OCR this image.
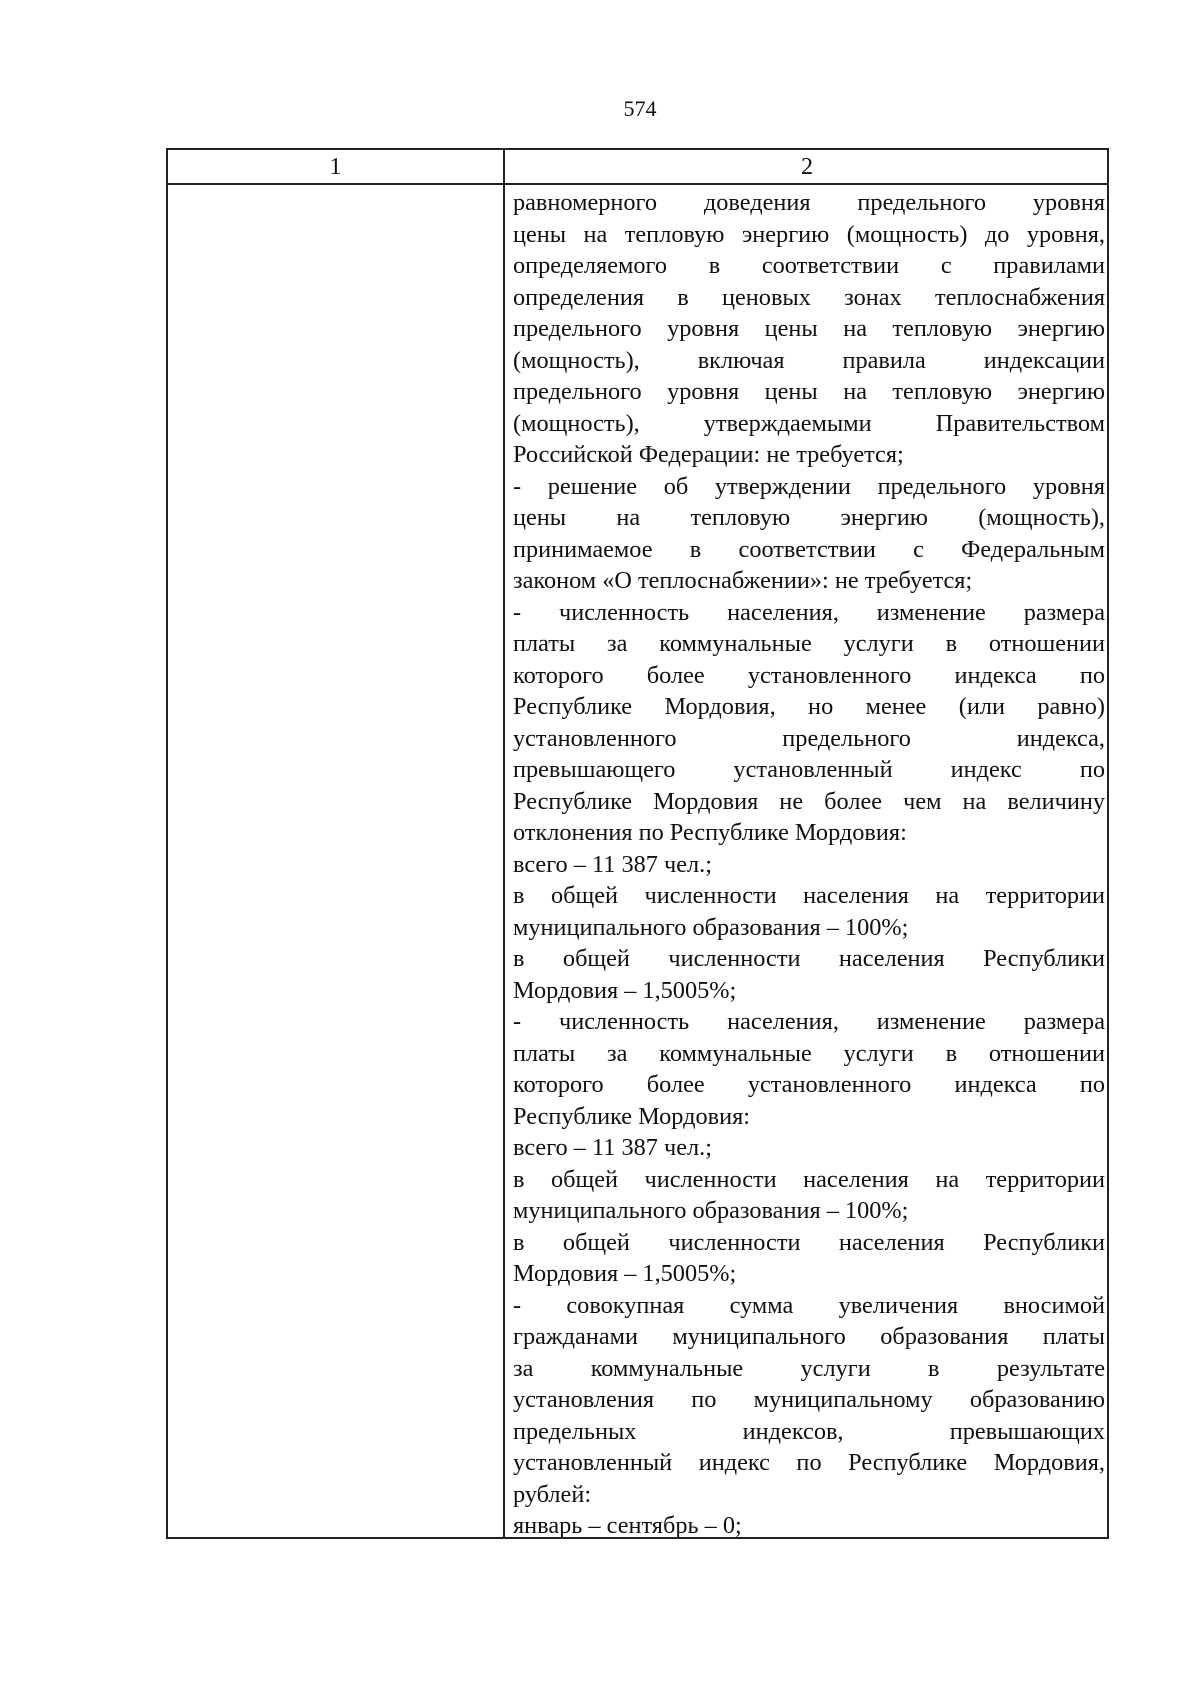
574
1	2
равномерного доведения предельного уровня
цены на тепловую энергию (мощность) до уровня,
определяемого в соответствии с правилами
определения в ценовых зонах теплоснабжения
предельного уровня цены на тепловую энергию
(мощность), включая правила индексации
предельного уровня цены на тепловую энергию
(мощность), утверждаемыми Правительством
Российской Федерации: не требуется;
- решение об утверждении предельного уровня
цены на тепловую энергию (мощность),
принимаемое в соответствии с Федеральным
законом «О теплоснабжении»: не требуется;
- численность населения, изменение размера
платы за коммунальные услуги в отношении
которого более установленного индекса по
Республике Мордовия, но менее (или равно)
установленного предельного индекса,
превышающего установленный индекс по
Республике Мордовия не более чем на величину
отклонения по Республике Мордовия:
всего – 11 387 чел.;
в общей численности населения на территории
муниципального образования – 100%;
в общей численности населения Республики
Мордовия – 1,5005%;
- численность населения, изменение размера
платы за коммунальные услуги в отношении
которого более установленного индекса по
Республике Мордовия:
всего – 11 387 чел.;
в общей численности населения на территории
муниципального образования – 100%;
в общей численности населения Республики
Мордовия – 1,5005%;
- совокупная сумма увеличения вносимой
гражданами муниципального образования платы
за коммунальные услуги в результате
установления по муниципальному образованию
предельных индексов, превышающих
установленный индекс по Республике Мордовия,
рублей:
январь – сентябрь – 0;
